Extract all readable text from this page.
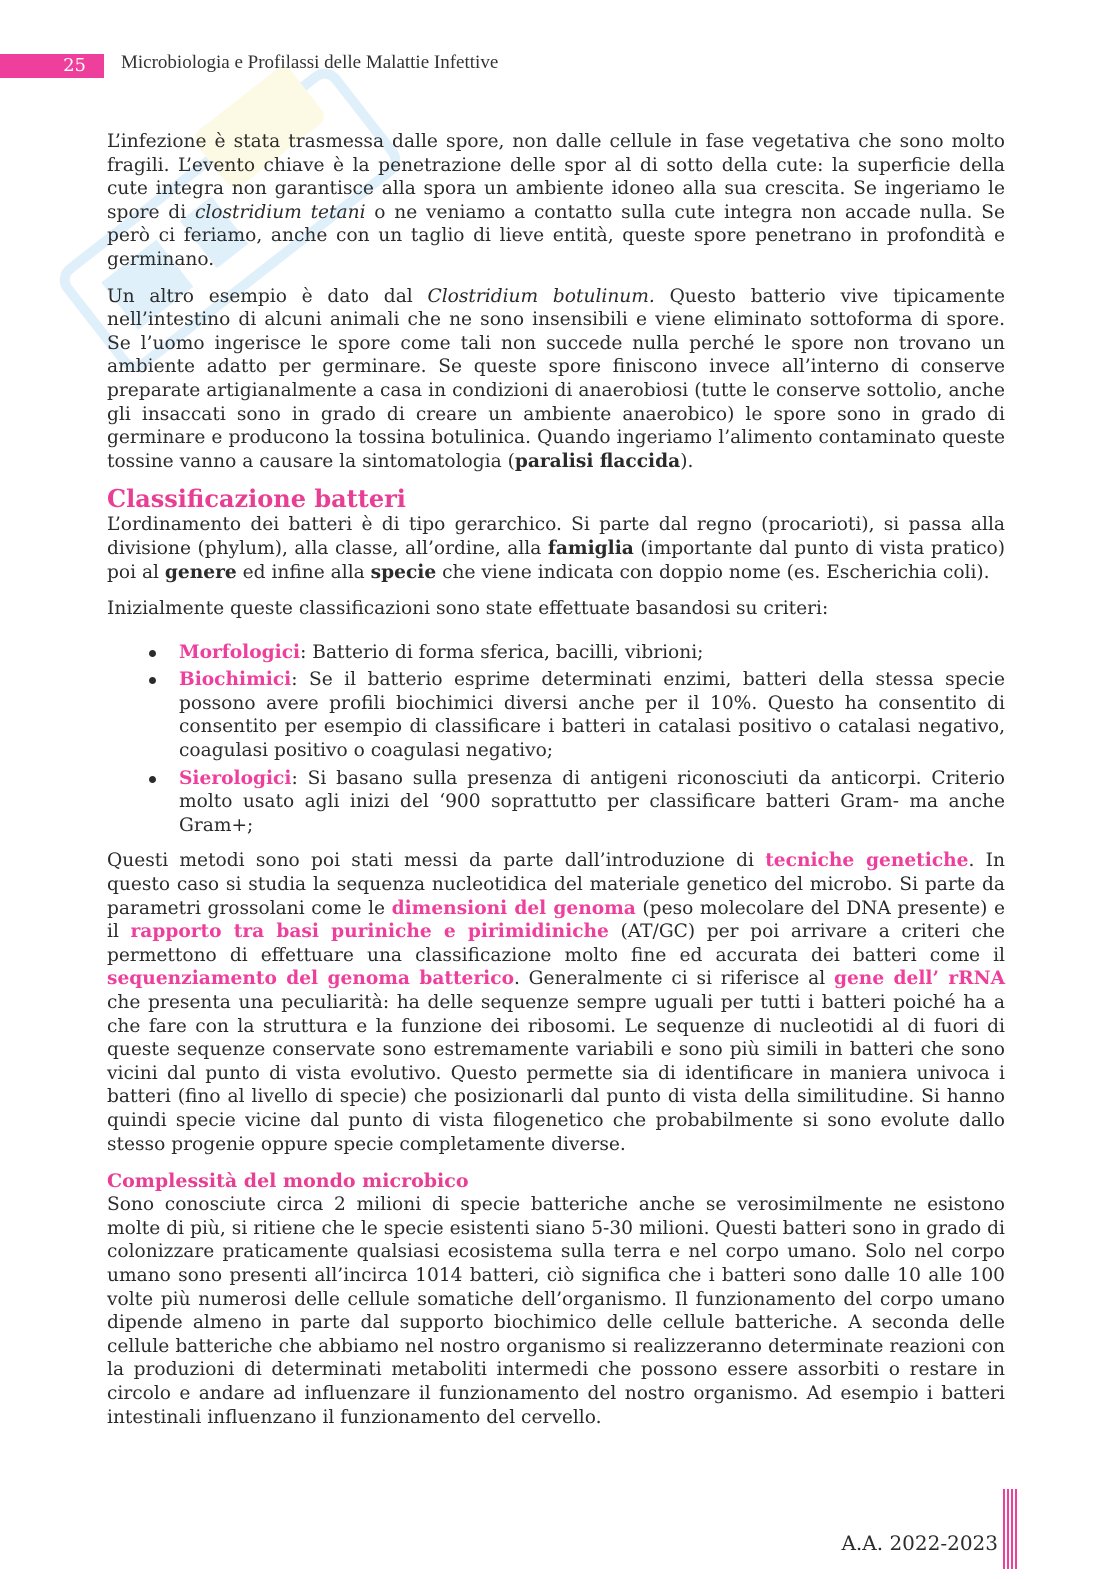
25	Microbiologia e Profilassi delle Malattie Infettive

L’infezione è stata trasmessa dalle spore, non dalle cellule in fase vegetativa che sono molto fragili. L’evento chiave è la penetrazione delle spor al di sotto della cute: la superficie della cute integra non garantisce alla spora un ambiente idoneo alla sua crescita. Se ingeriamo le spore di clostridium tetani o ne veniamo a contatto sulla cute integra non accade nulla. Se però ci feriamo, anche con un taglio di lieve entità, queste spore penetrano in profondità e germinano.

Un altro esempio è dato dal Clostridium botulinum. Questo batterio vive tipicamente nell’intestino di alcuni animali che ne sono insensibili e viene eliminato sottoforma di spore. Se l’uomo ingerisce le spore come tali non succede nulla perché le spore non trovano un ambiente adatto per germinare. Se queste spore finiscono invece all’interno di conserve preparate artigianalmente a casa in condizioni di anaerobiosi (tutte le conserve sottolio, anche gli insaccati sono in grado di creare un ambiente anaerobico) le spore sono in grado di germinare e producono la tossina botulinica. Quando ingeriamo l’alimento contaminato queste tossine vanno a causare la sintomatologia (paralisi flaccida).

Classificazione batteri

L’ordinamento dei batteri è di tipo gerarchico. Si parte dal regno (procarioti), si passa alla divisione (phylum), alla classe, all’ordine, alla famiglia (importante dal punto di vista pratico) poi al genere ed infine alla specie che viene indicata con doppio nome (es. Escherichia coli).

Inizialmente queste classificazioni sono state effettuate basandosi su criteri:

Morfologici: Batterio di forma sferica, bacilli, vibrioni;
Biochimici: Se il batterio esprime determinati enzimi, batteri della stessa specie possono avere profili biochimici diversi anche per il 10%. Questo ha consentito di consentito per esempio di classificare i batteri in catalasi positivo o catalasi negativo, coagulasi positivo o coagulasi negativo;
Sierologici: Si basano sulla presenza di antigeni riconosciuti da anticorpi. Criterio molto usato agli inizi del ‘900 soprattutto per classificare batteri Gram- ma anche Gram+;

Questi metodi sono poi stati messi da parte dall’introduzione di tecniche genetiche. In questo caso si studia la sequenza nucleotidica del materiale genetico del microbo. Si parte da parametri grossolani come le dimensioni del genoma (peso molecolare del DNA presente) e il rapporto tra basi puriniche e pirimidiniche (AT/GC) per poi arrivare a criteri che permettono di effettuare una classificazione molto fine ed accurata dei batteri come il sequenziamento del genoma batterico. Generalmente ci si riferisce al gene dell’ rRNA che presenta una peculiarità: ha delle sequenze sempre uguali per tutti i batteri poiché ha a che fare con la struttura e la funzione dei ribosomi. Le sequenze di nucleotidi al di fuori di queste sequenze conservate sono estremamente variabili e sono più simili in batteri che sono vicini dal punto di vista evolutivo. Questo permette sia di identificare in maniera univoca i batteri (fino al livello di specie) che posizionarli dal punto di vista della similitudine. Si hanno quindi specie vicine dal punto di vista filogenetico che probabilmente si sono evolute dallo stesso progenie oppure specie completamente diverse.

Complessità del mondo microbico

Sono conosciute circa 2 milioni di specie batteriche anche se verosimilmente ne esistono molte di più, si ritiene che le specie esistenti siano 5-30 milioni. Questi batteri sono in grado di colonizzare praticamente qualsiasi ecosistema sulla terra e nel corpo umano. Solo nel corpo umano sono presenti all’incirca 1014 batteri, ciò significa che i batteri sono dalle 10 alle 100 volte più numerosi delle cellule somatiche dell’organismo. Il funzionamento del corpo umano dipende almeno in parte dal supporto biochimico delle cellule batteriche. A seconda delle cellule batteriche che abbiamo nel nostro organismo si realizzeranno determinate reazioni con la produzioni di determinati metaboliti intermedi che possono essere assorbiti o restare in circolo e andare ad influenzare il funzionamento del nostro organismo. Ad esempio i batteri intestinali influenzano il funzionamento del cervello.

A.A. 2022-2023
